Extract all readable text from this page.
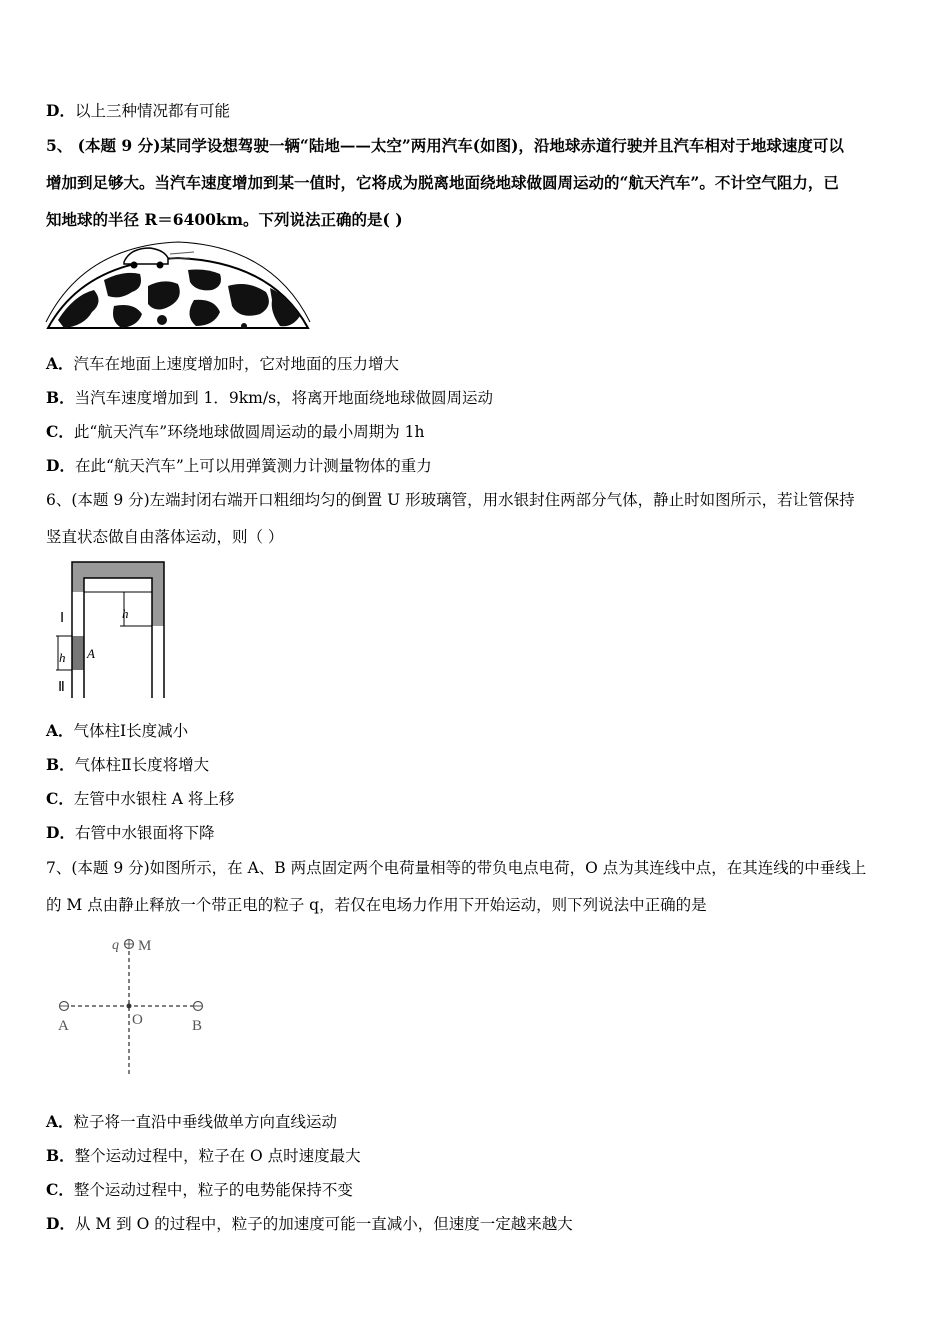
D．以上三种情况都有可能
5、 (本题 9 分)某同学设想驾驶一辆“陆地——太空”两用汽车(如图)，沿地球赤道行驶并且汽车相对于地球速度可以
增加到足够大。当汽车速度增加到某一值时，它将成为脱离地面绕地球做圆周运动的“航天汽车”。不计空气阻力，已
知地球的半径 R＝6400km。下列说法正确的是( )
A．汽车在地面上速度增加时，它对地面的压力增大
B．当汽车速度增加到 1．9km/s，将离开地面绕地球做圆周运动
C．此“航天汽车”环绕地球做圆周运动的最小周期为 1h
D．在此“航天汽车”上可以用弹簧测力计测量物体的重力
6、(本题 9 分)左端封闭右端开口粗细均匀的倒置 U 形玻璃管，用水银封住两部分气体，静止时如图所示，若让管保持
竖直状态做自由落体运动，则（ ）
Ⅰ
Ⅱ
h
h A
A．气体柱Ⅰ长度减小
B．气体柱Ⅱ长度将增大
C．左管中水银柱 A 将上移
D．右管中水银面将下降
7、(本题 9 分)如图所示，在 A、B 两点固定两个电荷量相等的带负电点电荷，O 点为其连线中点，在其连线的中垂线上
的 M 点由静止释放一个带正电的粒子 q，若仅在电场力作用下开始运动，则下列说法中正确的是
q M
A	O	B
A．粒子将一直沿中垂线做单方向直线运动
B．整个运动过程中，粒子在 O 点时速度最大
C．整个运动过程中，粒子的电势能保持不变
D．从 M 到 O 的过程中，粒子的加速度可能一直减小，但速度一定越来越大
